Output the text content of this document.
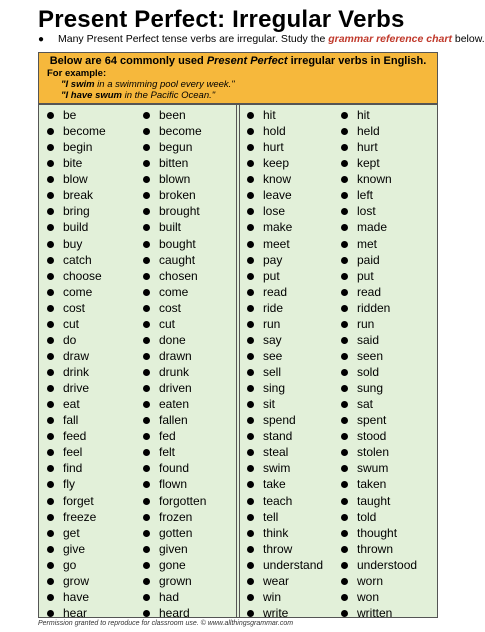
Present Perfect: Irregular Verbs
● Many Present Perfect tense verbs are irregular. Study the grammar reference chart below.
Below are 64 commonly used Present Perfect irregular verbs in English.
For example:
"I swim in a swimming pool every week."
"I have swum in the Pacific Ocean."
be
become
begin
bite
blow
break
bring
build
buy
catch
choose
come
cost
cut
do
draw
drink
drive
eat
fall
feed
feel
find
fly
forget
freeze
get
give
go
grow
have
hear
been
become
begun
bitten
blown
broken
brought
built
bought
caught
chosen
come
cost
cut
done
drawn
drunk
driven
eaten
fallen
fed
felt
found
flown
forgotten
frozen
gotten
given
gone
grown
had
heard
hit
hold
hurt
keep
know
leave
lose
make
meet
pay
put
read
ride
run
say
see
sell
sing
sit
spend
stand
steal
swim
take
teach
tell
think
throw
understand
wear
win
write
hit
held
hurt
kept
known
left
lost
made
met
paid
put
read
ridden
run
said
seen
sold
sung
sat
spent
stood
stolen
swum
taken
taught
told
thought
thrown
understood
worn
won
written
Permission granted to reproduce for classroom use. © www.allthingsgrammar.com
